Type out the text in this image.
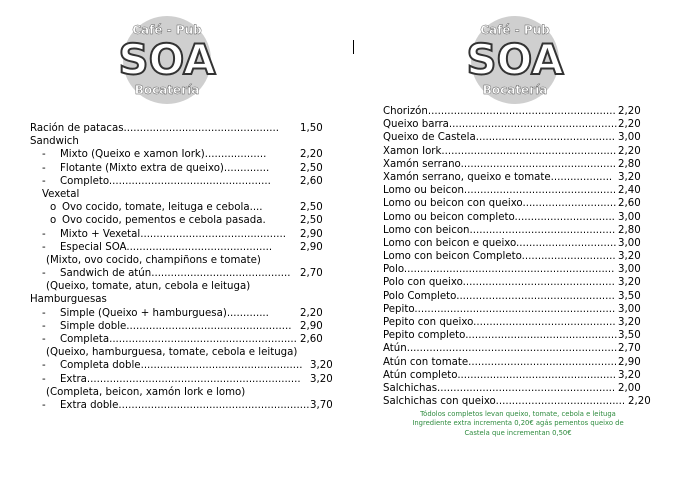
Café - Pub
SOA
Bocatería
Café - Pub
SOA
Bocatería
Ración de patacas................................................ 1,50
Sandwich
- Mixto (Queixo e xamon Iork)...................	2,20
- Flotante (Mixto extra de queixo)..............	2,50
- Completo..................................................	2,60
Vexetal
o Ovo cocido, tomate, leituga e cebola....	2,50
o Ovo cocido, pementos e cebola pasada.	2,50
- Mixto + Vexetal............................................. 2,90
- Especial SOA.............................................	2,90
(Mixto, ovo cocido, champiñons e tomate)
- Sandwich de atún........................................... 2,70
(Queixo, tomate, atun, cebola e leituga)
Hamburguesas
- Simple (Queixo + hamburguesa).............	2,20
- Simple doble................................................... 2,90
- Completa.......................................................... 2,60
(Queixo, hamburguesa, tomate, cebola e leituga)
- Completa doble.................................................. 3,20
- Extra.................................................................. 3,20
(Completa, beicon, xamón Iork e lomo)
- Extra doble........................................................... 3,70
Chorizón.......................................................... 2,20
Queixo barra.................................................... 2,20
Queixo de Castela........................................... 3,00
Xamon Iork...................................................... 2,20
Xamón serrano................................................ 2,80
Xamón serrano, queixo e tomate................... 3,20
Lomo ou beicon............................................... 2,40
Lomo ou beicon con queixo............................. 2,60
Lomo ou beicon completo............................... 3,00
Lomo con beicon............................................. 2,80
Lomo con beicon e queixo............................... 3,00
Lomo con beicon Completo............................. 3,20
Polo................................................................. 3,00
Polo con queixo............................................... 3,20
Polo Completo................................................. 3,50
Pepito.............................................................. 3,00
Pepito con queixo............................................ 3,20
Pepito completo............................................... 3,50
Atún................................................................. 2,70
Atún con tomate.............................................. 2,90
Atún completo................................................. 3,20
Salchichas....................................................... 2,00
Salchichas con queixo........................................ 2,20
Tódolos completos levan queixo, tomate, cebola e leituga
Ingrediente extra incrementa 0,20€ agás pementos queixo de
Castela que incrementan 0,50€
